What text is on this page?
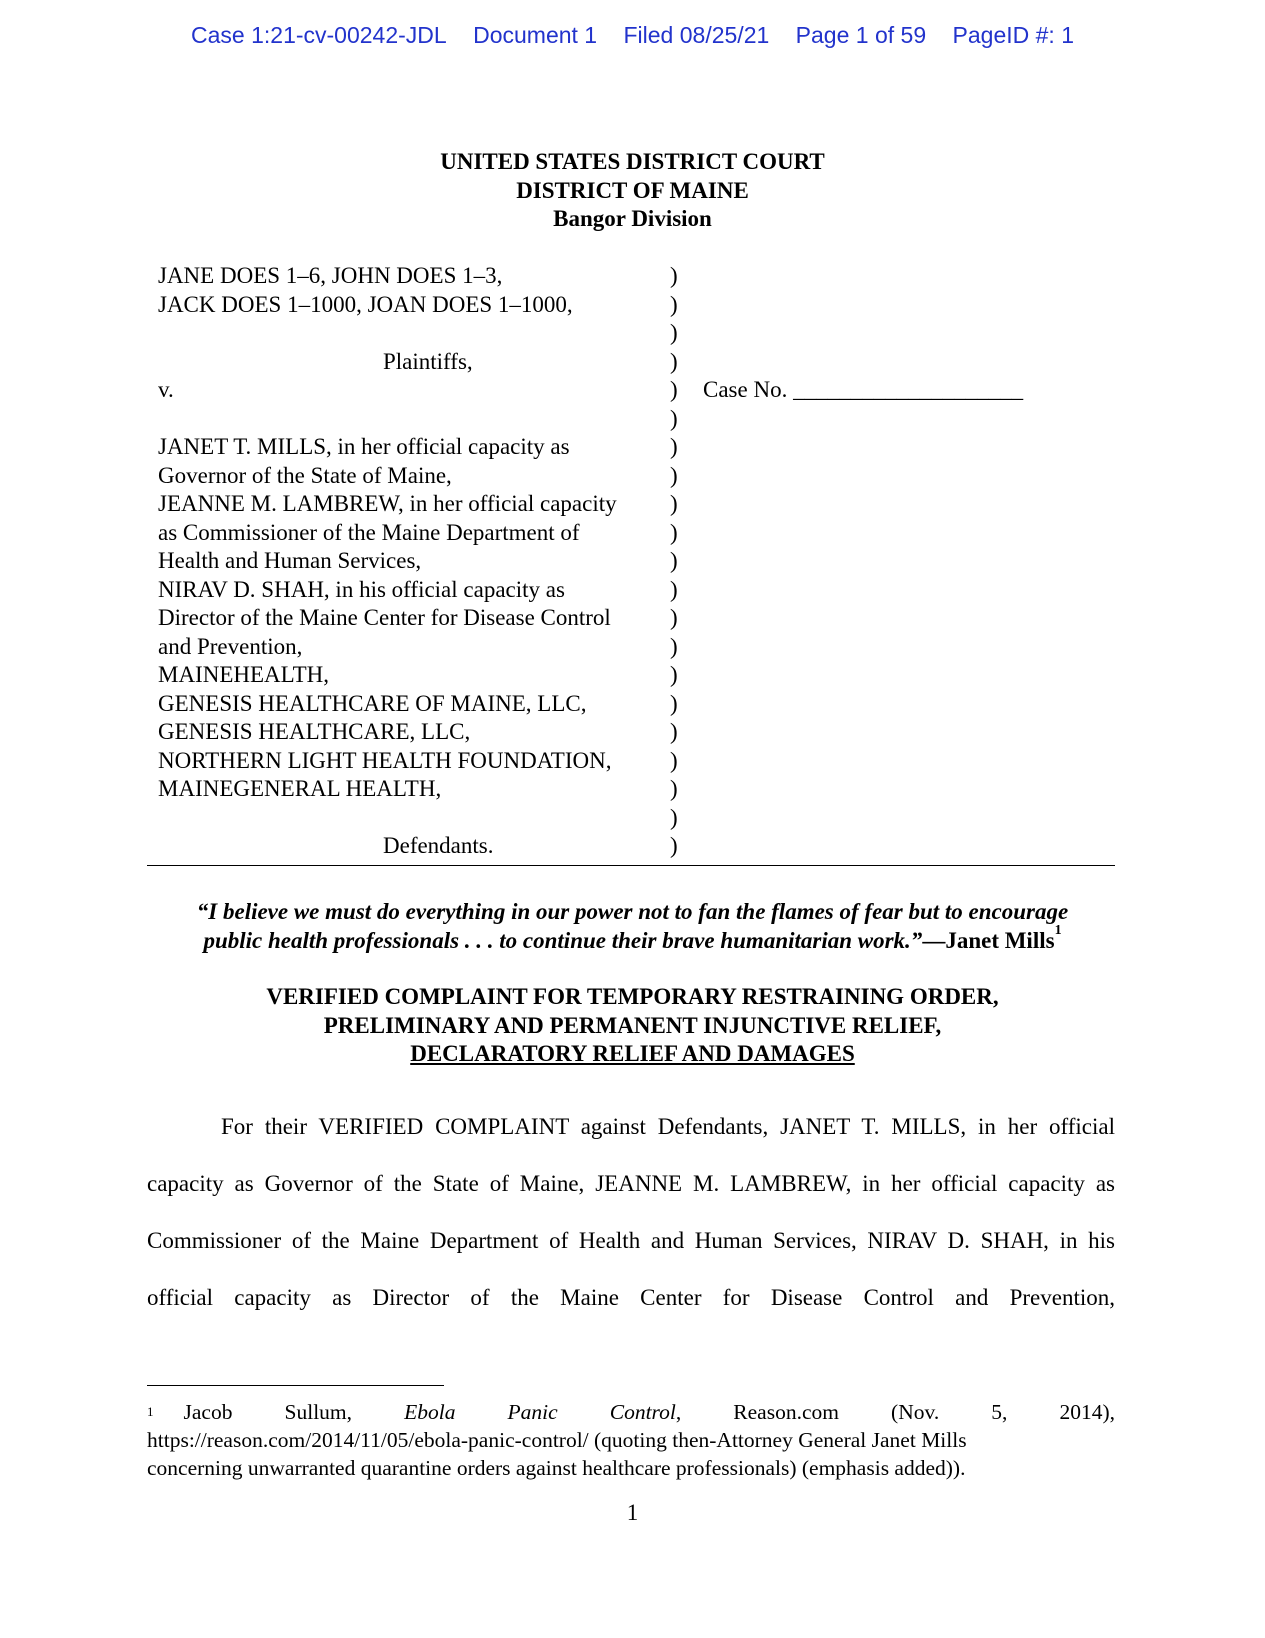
Case 1:21-cv-00242-JDL Document 1 Filed 08/25/21 Page 1 of 59 PageID #: 1
UNITED STATES DISTRICT COURT
DISTRICT OF MAINE
Bangor Division
JANE DOES 1–6, JOHN DOES 1–3,
JACK DOES 1–1000, JOAN DOES 1–1000,
Plaintiffs,
v.
JANET T. MILLS, in her official capacity as
Governor of the State of Maine,
JEANNE M. LAMBREW, in her official capacity
as Commissioner of the Maine Department of
Health and Human Services,
NIRAV D. SHAH, in his official capacity as
Director of the Maine Center for Disease Control
and Prevention,
MAINEHEALTH,
GENESIS HEALTHCARE OF MAINE, LLC,
GENESIS HEALTHCARE, LLC,
NORTHERN LIGHT HEALTH FOUNDATION,
MAINEGENERAL HEALTH,
Defendants.
)
)
)
)
)
)
)
)
)
)
)
)
)
)
)
)
)
)
)
)
)
Case No. ____________________
“I believe we must do everything in our power not to fan the flames of fear but to encourage
public health professionals . . . to continue their brave humanitarian work.”—Janet Mills$^1$
VERIFIED COMPLAINT FOR TEMPORARY RESTRAINING ORDER,
PRELIMINARY AND PERMANENT INJUNCTIVE RELIEF,
DECLARATORY RELIEF AND DAMAGES

For their VERIFIED COMPLAINT against Defendants, JANET T. MILLS, in her official

capacity as Governor of the State of Maine, JEANNE M. LAMBREW, in her official capacity as

Commissioner of the Maine Department of Health and Human Services, NIRAV D. SHAH, in his

official capacity as Director of the Maine Center for Disease Control and Prevention,

$^1$ Jacob Sullum, Ebola Panic Control, Reason.com (Nov. 5, 2014),
https://reason.com/2014/11/05/ebola-panic-control/ (quoting then-Attorney General Janet Mills
concerning unwarranted quarantine orders against healthcare professionals) (emphasis added)).
1
